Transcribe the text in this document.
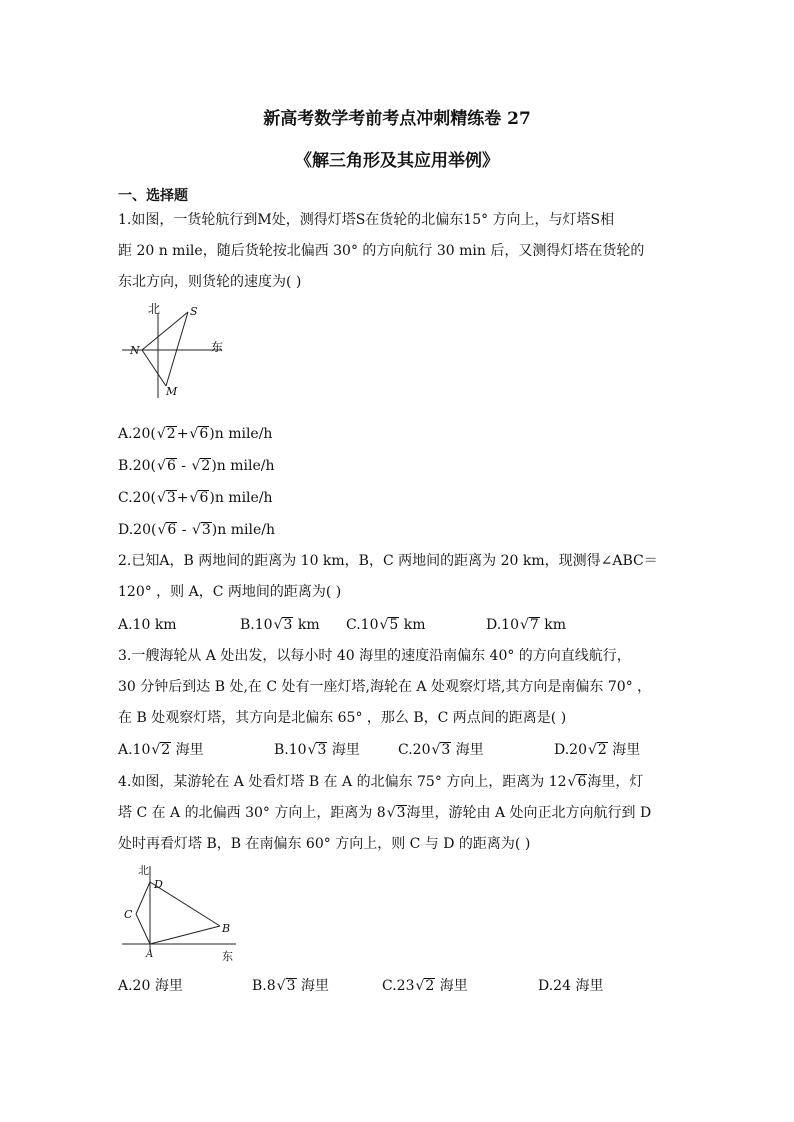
新高考数学考前考点冲刺精练卷 27
《解三角形及其应用举例》
一、选择题
1.如图，一货轮航行到M处，测得灯塔S在货轮的北偏东15° 方向上，与灯塔S相
距 20 n mile，随后货轮按北偏西 30° 的方向航行 30 min 后，又测得灯塔在货轮的
东北方向，则货轮的速度为( )
北
东
S
N
M
A.20(√2+√6)n mile/h
B.20(√6 - √2)n mile/h
C.20(√3+√6)n mile/h
D.20(√6 - √3)n mile/h
2.已知A，B 两地间的距离为 10 km，B，C 两地间的距离为 20 km，现测得∠ABC＝
120° ，则 A，C 两地间的距离为( )
A.10 km	B.10√3 km C.10√5 km	D.10√7 km
3.一艘海轮从 A 处出发，以每小时 40 海里的速度沿南偏东 40° 的方向直线航行，
30 分钟后到达 B 处,在 C 处有一座灯塔,海轮在 A 处观察灯塔,其方向是南偏东 70° ，
在 B 处观察灯塔，其方向是北偏东 65° ，那么 B，C 两点间的距离是( )
A.10√2 海里	B.10√3 海里	C.20√3 海里	D.20√2 海里
4.如图，某游轮在 A 处看灯塔 B 在 A 的北偏东 75° 方向上，距离为 12√6海里，灯
塔 C 在 A 的北偏西 30° 方向上，距离为 8√3海里，游轮由 A 处向正北方向航行到 D
处时再看灯塔 B，B 在南偏东 60° 方向上，则 C 与 D 的距离为( )
北
东
D
C
B
A
A.20 海里	B.8√3 海里	C.23√2 海里	D.24 海里
